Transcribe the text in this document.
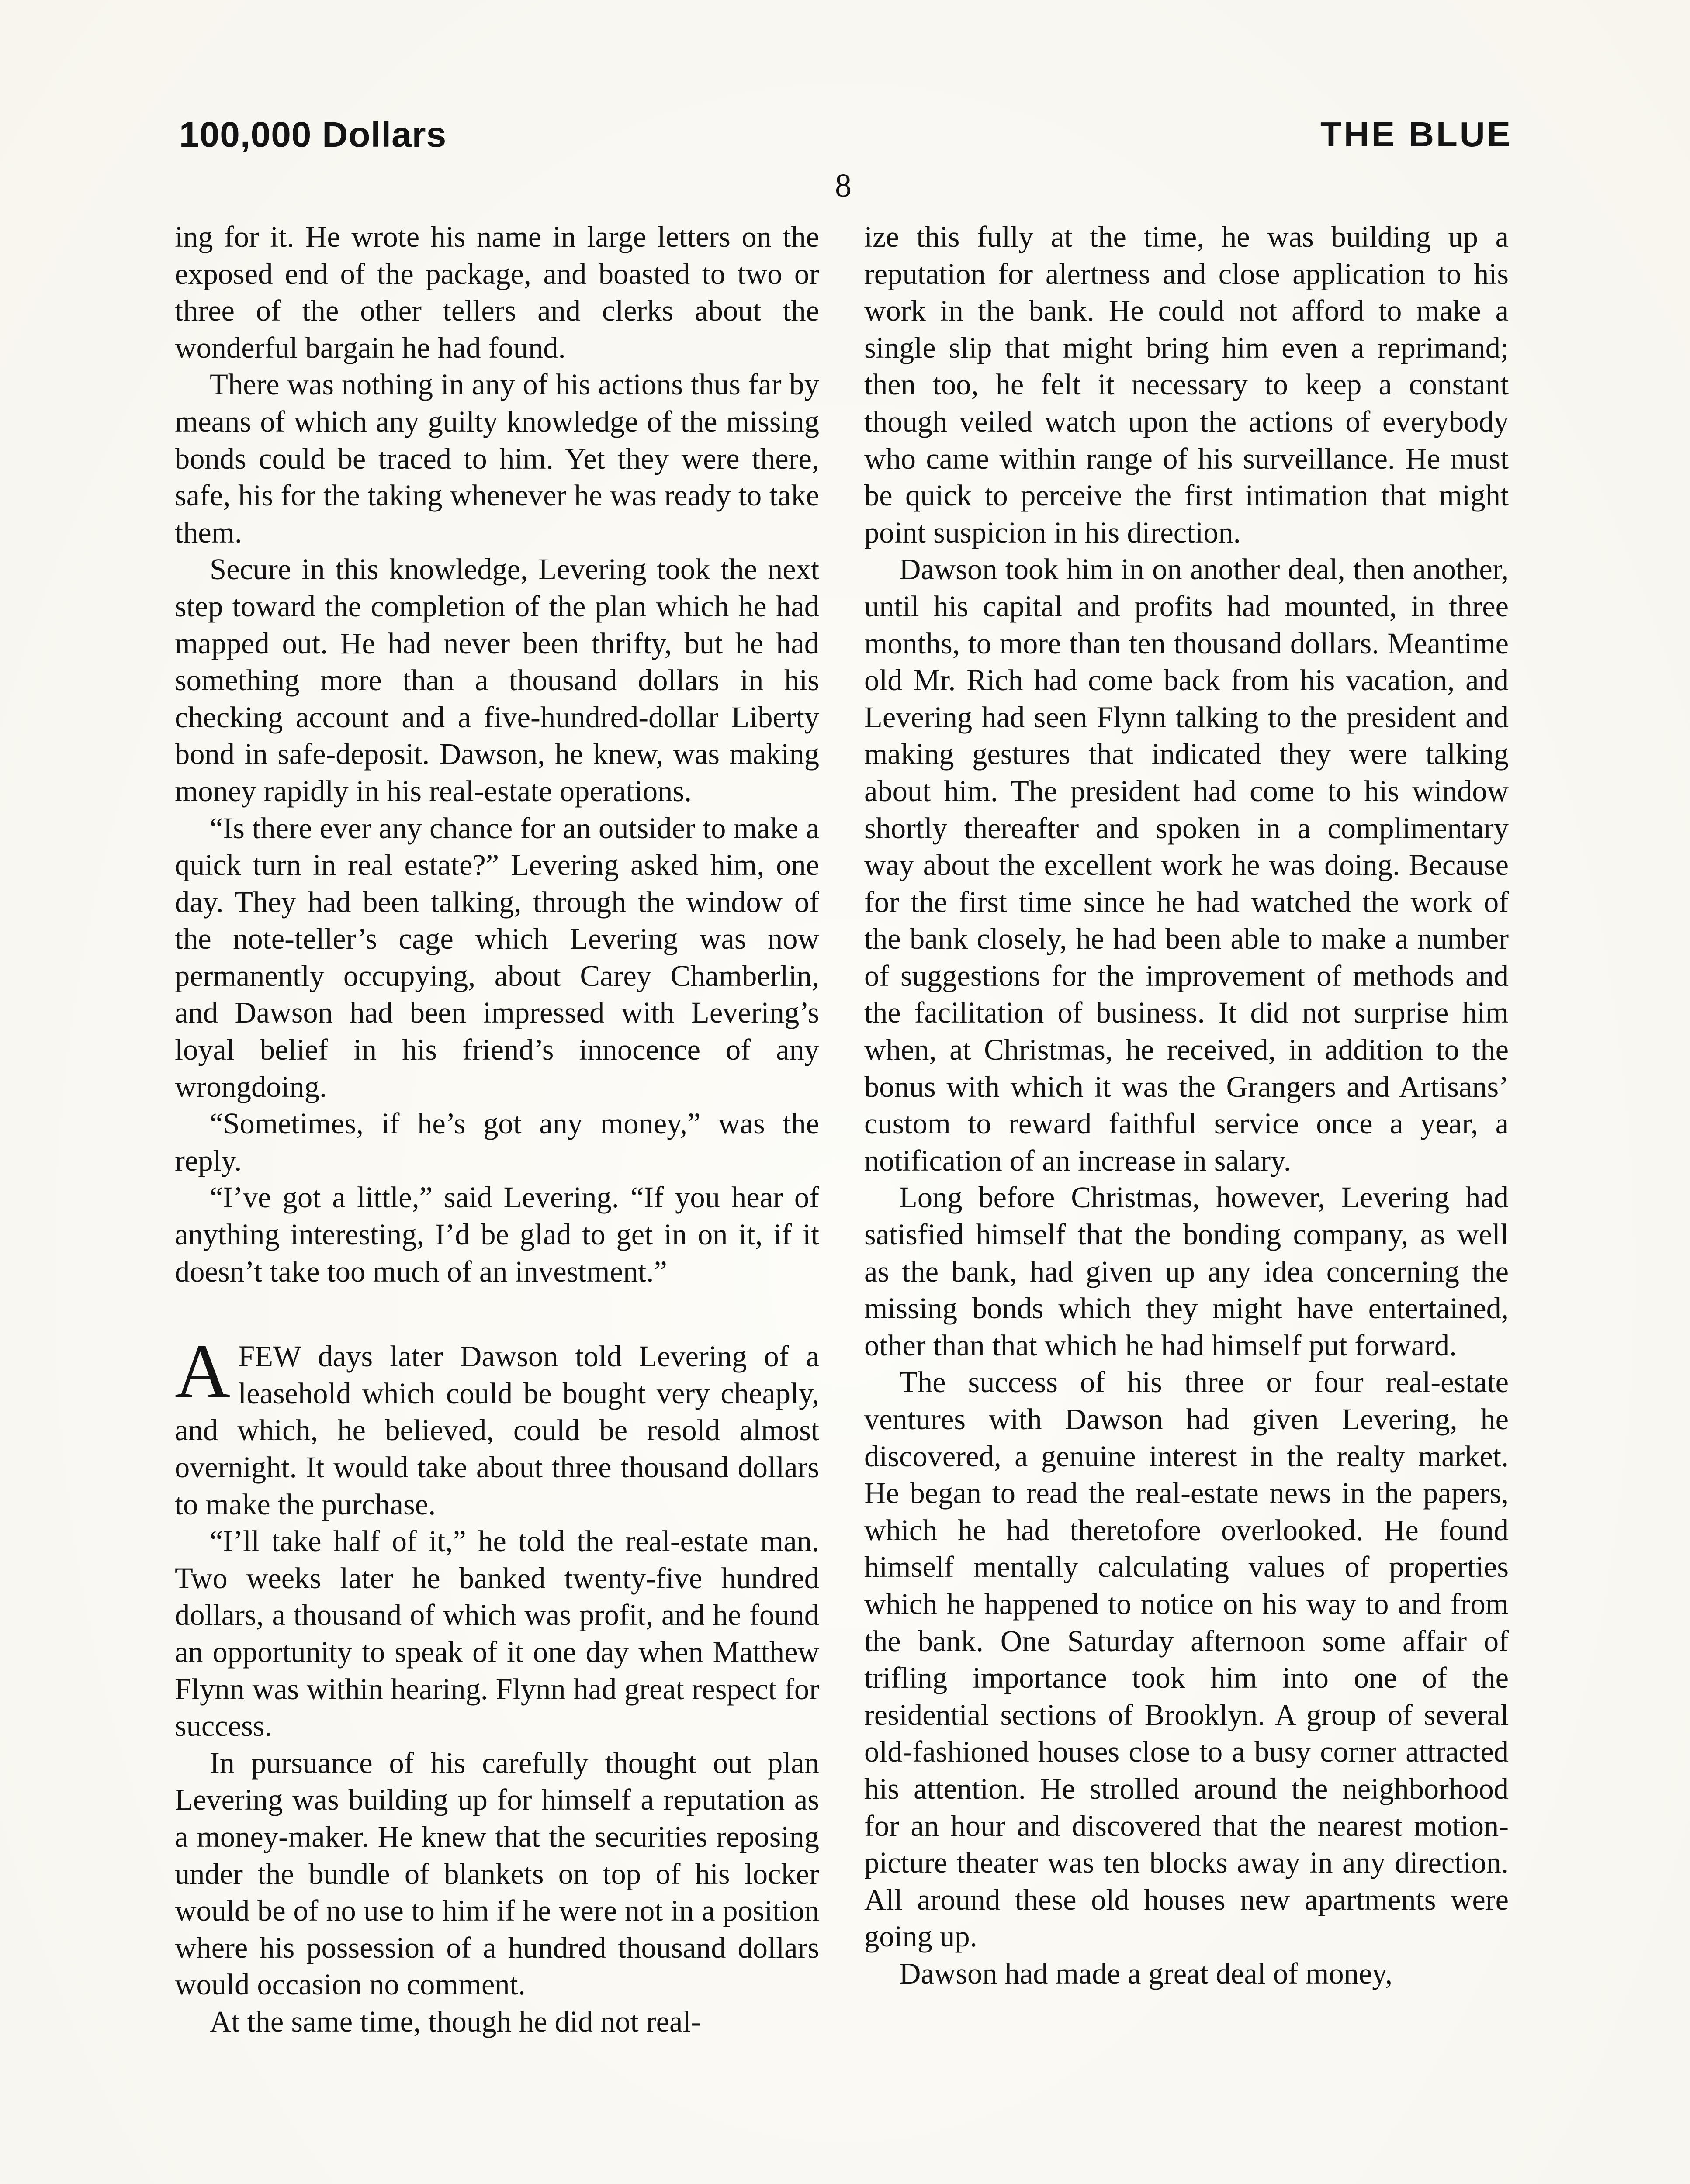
100,000 Dollars	THE BLUE
8

ing for it. He wrote his name in large letters on the exposed end of the package, and boasted to two or three of the other tellers and clerks about the wonderful bargain he had found.

There was nothing in any of his actions thus far by means of which any guilty knowledge of the missing bonds could be traced to him. Yet they were there, safe, his for the taking whenever he was ready to take them.

Secure in this knowledge, Levering took the next step toward the completion of the plan which he had mapped out. He had never been thrifty, but he had something more than a thousand dollars in his checking account and a five-hundred-dollar Liberty bond in safe-deposit. Dawson, he knew, was making money rapidly in his real-estate operations.

“Is there ever any chance for an outsider to make a quick turn in real estate?” Levering asked him, one day. They had been talking, through the window of the note-teller’s cage which Levering was now permanently occupying, about Carey Chamberlin, and Dawson had been impressed with Levering’s loyal belief in his friend’s innocence of any wrongdoing.

“Sometimes, if he’s got any money,” was the reply.

“I’ve got a little,” said Levering. “If you hear of anything interesting, I’d be glad to get in on it, if it doesn’t take too much of an investment.”

AFEW days later Dawson told Levering of a leasehold which could be bought very cheaply, and which, he believed, could be resold almost overnight. It would take about three thousand dollars to make the purchase.

“I’ll take half of it,” he told the real-estate man. Two weeks later he banked twenty-five hundred dollars, a thousand of which was profit, and he found an opportunity to speak of it one day when Matthew Flynn was within hearing. Flynn had great respect for success.

In pursuance of his carefully thought out plan Levering was building up for himself a reputation as a money-maker. He knew that the securities reposing under the bundle of blankets on top of his locker would be of no use to him if he were not in a position where his possession of a hundred thousand dollars would occasion no comment.

At the same time, though he did not real-

ize this fully at the time, he was building up a reputation for alertness and close application to his work in the bank. He could not afford to make a single slip that might bring him even a reprimand; then too, he felt it necessary to keep a constant though veiled watch upon the actions of everybody who came within range of his surveillance. He must be quick to perceive the first intimation that might point suspicion in his direction.

Dawson took him in on another deal, then another, until his capital and profits had mounted, in three months, to more than ten thousand dollars. Meantime old Mr. Rich had come back from his vacation, and Levering had seen Flynn talking to the president and making gestures that indicated they were talking about him. The president had come to his window shortly thereafter and spoken in a complimentary way about the excellent work he was doing. Because for the first time since he had watched the work of the bank closely, he had been able to make a number of suggestions for the improvement of methods and the facilitation of business. It did not surprise him when, at Christmas, he received, in addition to the bonus with which it was the Grangers and Artisans’ custom to reward faithful service once a year, a notification of an increase in salary.

Long before Christmas, however, Levering had satisfied himself that the bonding company, as well as the bank, had given up any idea concerning the missing bonds which they might have entertained, other than that which he had himself put forward.

The success of his three or four real-estate ventures with Dawson had given Levering, he discovered, a genuine interest in the realty market. He began to read the real-estate news in the papers, which he had theretofore overlooked. He found himself mentally calculating values of properties which he happened to notice on his way to and from the bank. One Saturday afternoon some affair of trifling importance took him into one of the residential sections of Brooklyn. A group of several old-fashioned houses close to a busy corner attracted his attention. He strolled around the neighborhood for an hour and discovered that the nearest motion-picture theater was ten blocks away in any direction. All around these old houses new apartments were going up.

Dawson had made a great deal of money,
